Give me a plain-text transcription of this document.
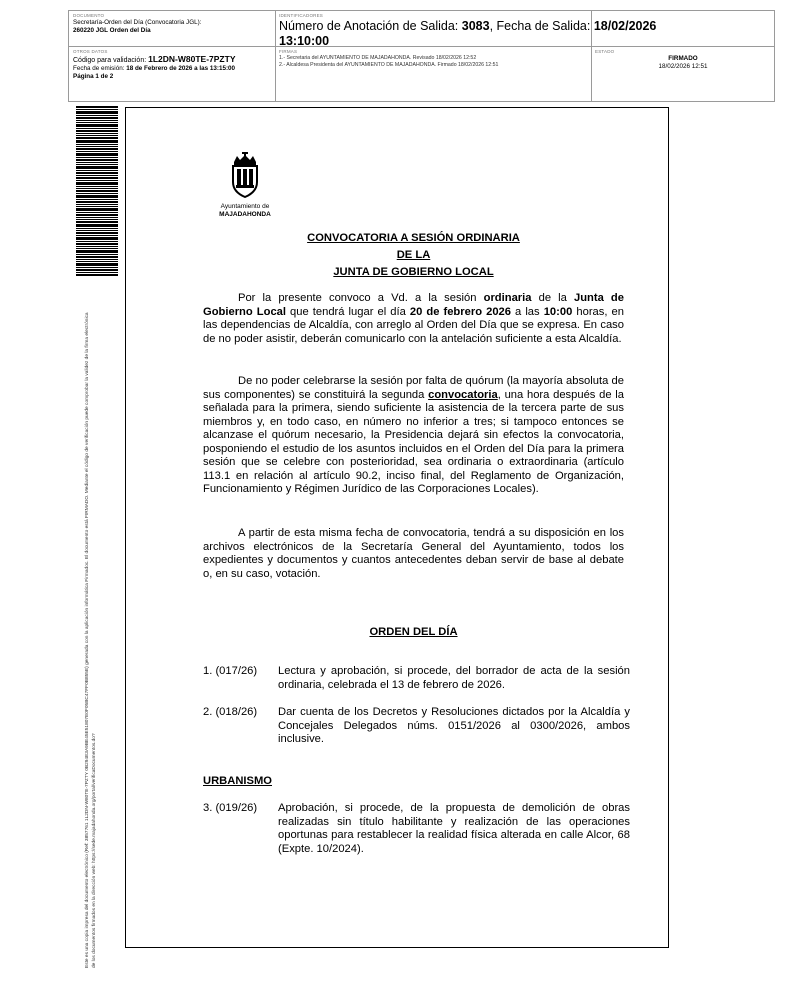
DOCUMENTO
Secretaría-Orden del Día (Convocatoria JGL):
260220 JGL Orden del Día
IDENTIFICADORES
Número de Anotación de Salida: 3083, Fecha de Salida: 18/02/2026
13:10:00
OTROS DATOS
Código para validación: 1L2DN-W80TE-7PZTY
Fecha de emisión: 18 de Febrero de 2026 a las 13:15:00
Página 1 de 2
FIRMAS
1.- Secretaria del AYUNTAMIENTO DE MAJADAHONDA. Revisado 18/02/2026 12:52
2.- Alcaldesa Presidenta del AYUNTAMIENTO DE MAJADAHONDA. Firmado 18/02/2026 12:51
ESTADO
FIRMADO
18/02/2026 12:51
Este es una copia impresa del documento electrónico (Ref: 3857761 1L2DN-W80TE-7PZTY 0B294E3A9BE45E51807E0F05BC47FF0B855E) generada con la aplicación informática Firmadoc. El documento está FIRMADO. Mediante el código de verificación puede comprobar la validez de la firma electrónica de los documentos firmados en la dirección web: https://sede.majadahonda.org/portal/verificaDocumentos.do?
Ayuntamiento de
MAJADAHONDA
CONVOCATORIA A SESIÓN ORDINARIA
DE LA
JUNTA DE GOBIERNO LOCAL
Por la presente convoco a Vd. a la sesión ordinaria de la Junta de Gobierno Local que tendrá lugar el día 20 de febrero 2026 a las 10:00 horas, en las dependencias de Alcaldía, con arreglo al Orden del Día que se expresa. En caso de no poder asistir, deberán comunicarlo con la antelación suficiente a esta Alcaldía.
De no poder celebrarse la sesión por falta de quórum (la mayoría absoluta de sus componentes) se constituirá la segunda convocatoria, una hora después de la señalada para la primera, siendo suficiente la asistencia de la tercera parte de sus miembros y, en todo caso, en número no inferior a tres; si tampoco entonces se alcanzase el quórum necesario, la Presidencia dejará sin efectos la convocatoria, posponiendo el estudio de los asuntos incluidos en el Orden del Día para la primera sesión que se celebre con posterioridad, sea ordinaria o extraordinaria (artículo 113.1 en relación al artículo 90.2, inciso final, del Reglamento de Organización, Funcionamiento y Régimen Jurídico de las Corporaciones Locales).
A partir de esta misma fecha de convocatoria, tendrá a su disposición en los archivos electrónicos de la Secretaría General del Ayuntamiento, todos los expedientes y documentos y cuantos antecedentes deban servir de base al debate o, en su caso, votación.
ORDEN DEL DÍA
1. (017/26)	Lectura y aprobación, si procede, del borrador de acta de la sesión ordinaria, celebrada el 13 de febrero de 2026.
2. (018/26)	Dar cuenta de los Decretos y Resoluciones dictados por la Alcaldía y Concejales Delegados núms. 0151/2026 al 0300/2026, ambos inclusive.
URBANISMO
3. (019/26)	Aprobación, si procede, de la propuesta de demolición de obras realizadas sin título habilitante y realización de las operaciones oportunas para restablecer la realidad física alterada en calle Alcor, 68 (Expte. 10/2024).
